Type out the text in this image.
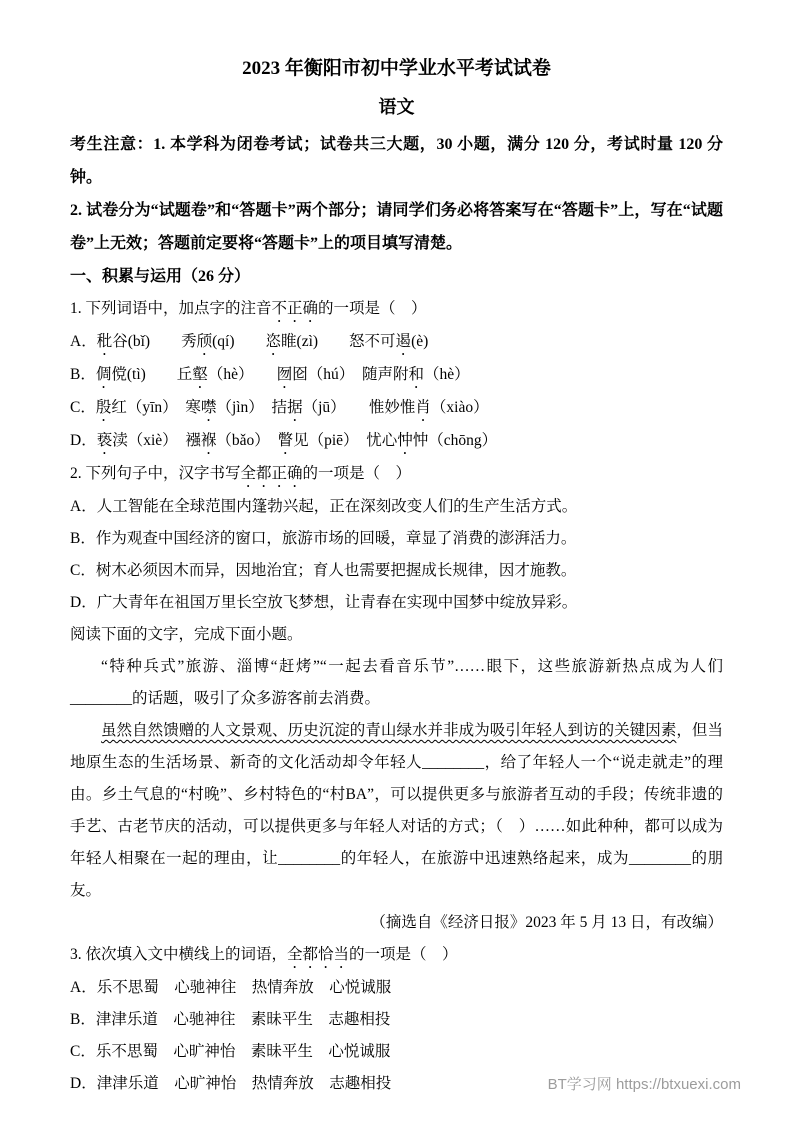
2023 年衡阳市初中学业水平考试试卷
语文

考生注意：1. 本学科为闭卷考试；试卷共三大题，30 小题，满分 120 分，考试时量 120 分钟。

2. 试卷分为“试题卷”和“答题卡”两个部分；请同学们务必将答案写在“答题卡”上，写在“试题卷”上无效；答题前定要将“答题卡”上的项目填写清楚。

一、积累与运用（26 分）

1. 下列词语中，加点字的注音不正确的一项是（　）

A．秕谷(bǐ)　　秀颀(qí)　　恣睢(zì)　　怒不可遏(è)

B．倜傥(tì)　　丘壑（hè）　　囫囵（hú）　随声附和（hè）

C．殷红（yīn）　寒噤（jìn）　拮据（jū）　　惟妙惟肖（xiào）

D．亵渎（xiè）　襁褓（bǎo）　瞥见（piē）　忧心忡忡（chōng）

2. 下列句子中，汉字书写全都正确的一项是（　）

A．人工智能在全球范围内篷勃兴起，正在深刻改变人们的生产生活方式。

B．作为观查中国经济的窗口，旅游市场的回暖，章显了消费的澎湃活力。

C．树木必须因木而异，因地治宜；育人也需要把握成长规律，因才施教。

D．广大青年在祖国万里长空放飞梦想，让青春在实现中国梦中绽放异彩。

阅读下面的文字，完成下面小题。

“特种兵式”旅游、淄博“赶烤”“一起去看音乐节”……眼下，这些旅游新热点成为人们________的话题，吸引了众多游客前去消费。

虽然自然馈赠的人文景观、历史沉淀的青山绿水并非成为吸引年轻人到访的关键因素，但当地原生态的生活场景、新奇的文化活动却令年轻人________，给了年轻人一个“说走就走”的理由。乡土气息的“村晚”、乡村特色的“村BA”，可以提供更多与旅游者互动的手段；传统非遗的手艺、古老节庆的活动，可以提供更多与年轻人对话的方式；（　）……如此种种，都可以成为年轻人相聚在一起的理由，让________的年轻人，在旅游中迅速熟络起来，成为________的朋友。

（摘选自《经济日报》2023 年 5 月 13 日，有改编）

3. 依次填入文中横线上的词语，全都恰当的一项是（　）

A．乐不思蜀　心驰神往　热情奔放　心悦诚服

B．津津乐道　心驰神往　素昧平生　志趣相投

C．乐不思蜀　心旷神怡　素昧平生　心悦诚服

D．津津乐道　心旷神怡　热情奔放　志趣相投	BT学习网 https://btxuexi.com
